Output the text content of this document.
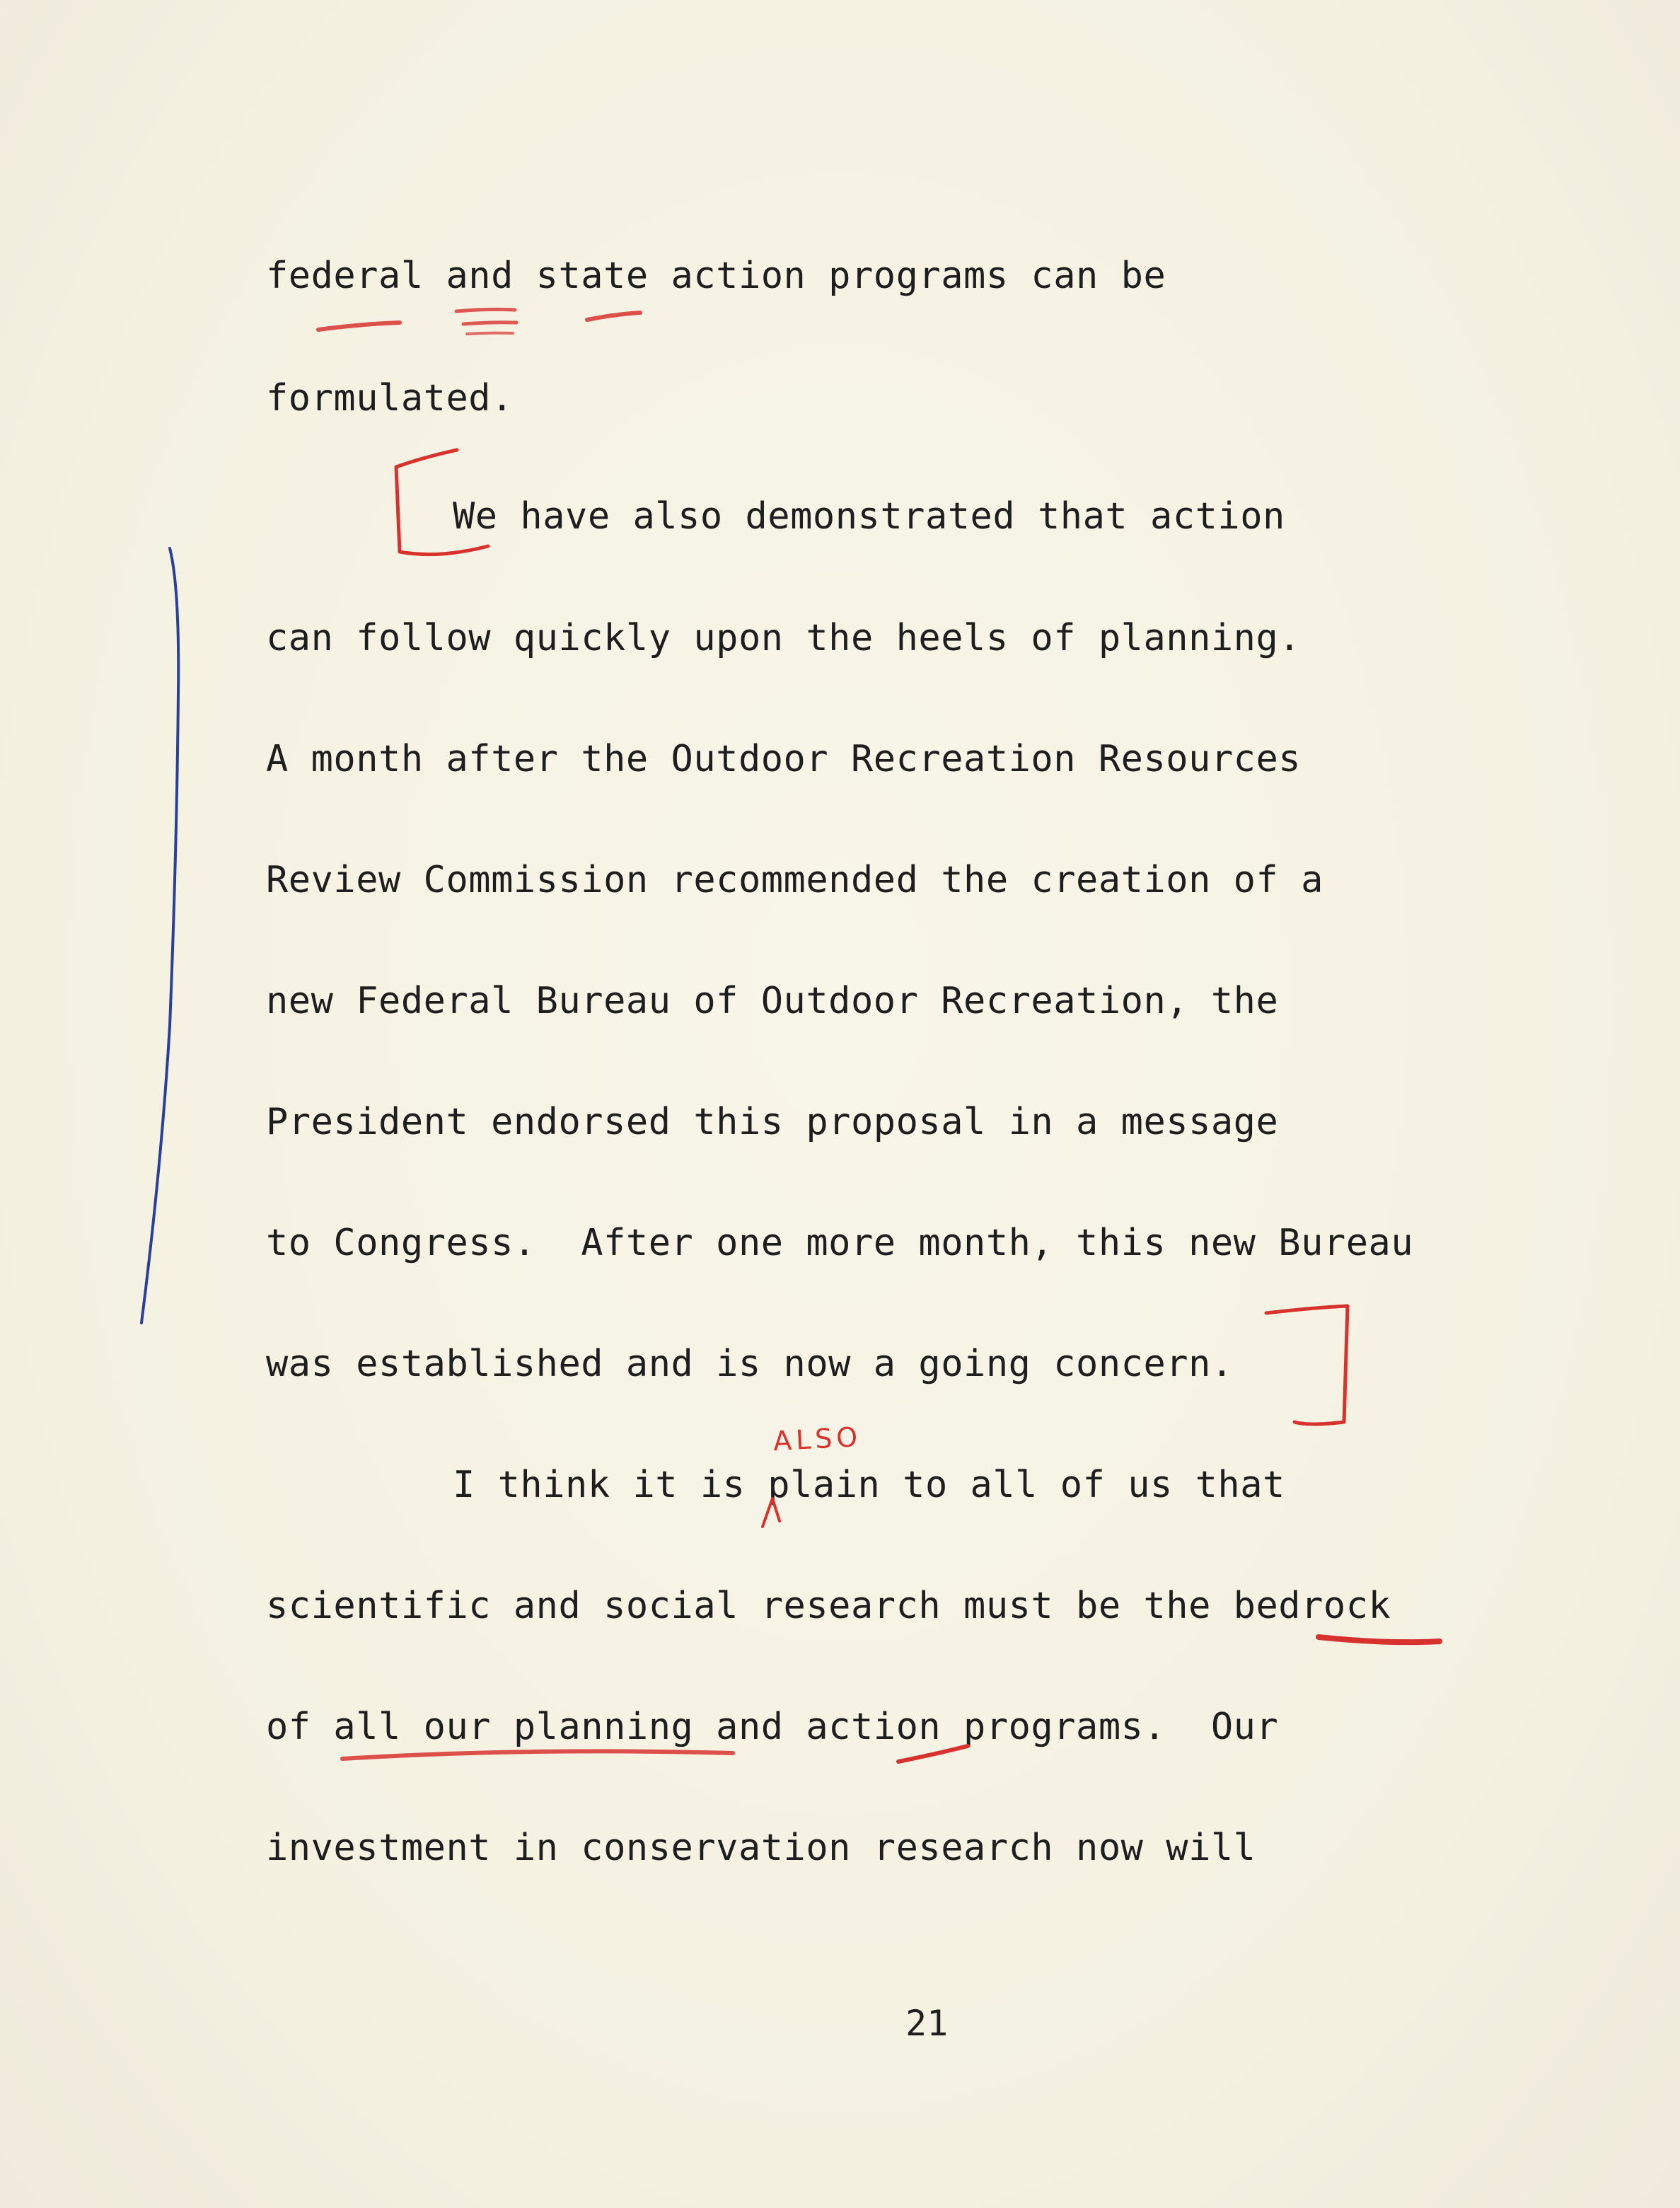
federal and state action programs can be

formulated.

We have also demonstrated that action

can follow quickly upon the heels of planning.

A month after the Outdoor Recreation Resources

Review Commission recommended the creation of a

new Federal Bureau of Outdoor Recreation, the

President endorsed this proposal in a message

to Congress.  After one more month, this new Bureau

was established and is now a going concern.

I think it is plain to all of us that

scientific and social research must be the bedrock

of all our planning and action programs.  Our

investment in conservation research now will

ALSO

21
